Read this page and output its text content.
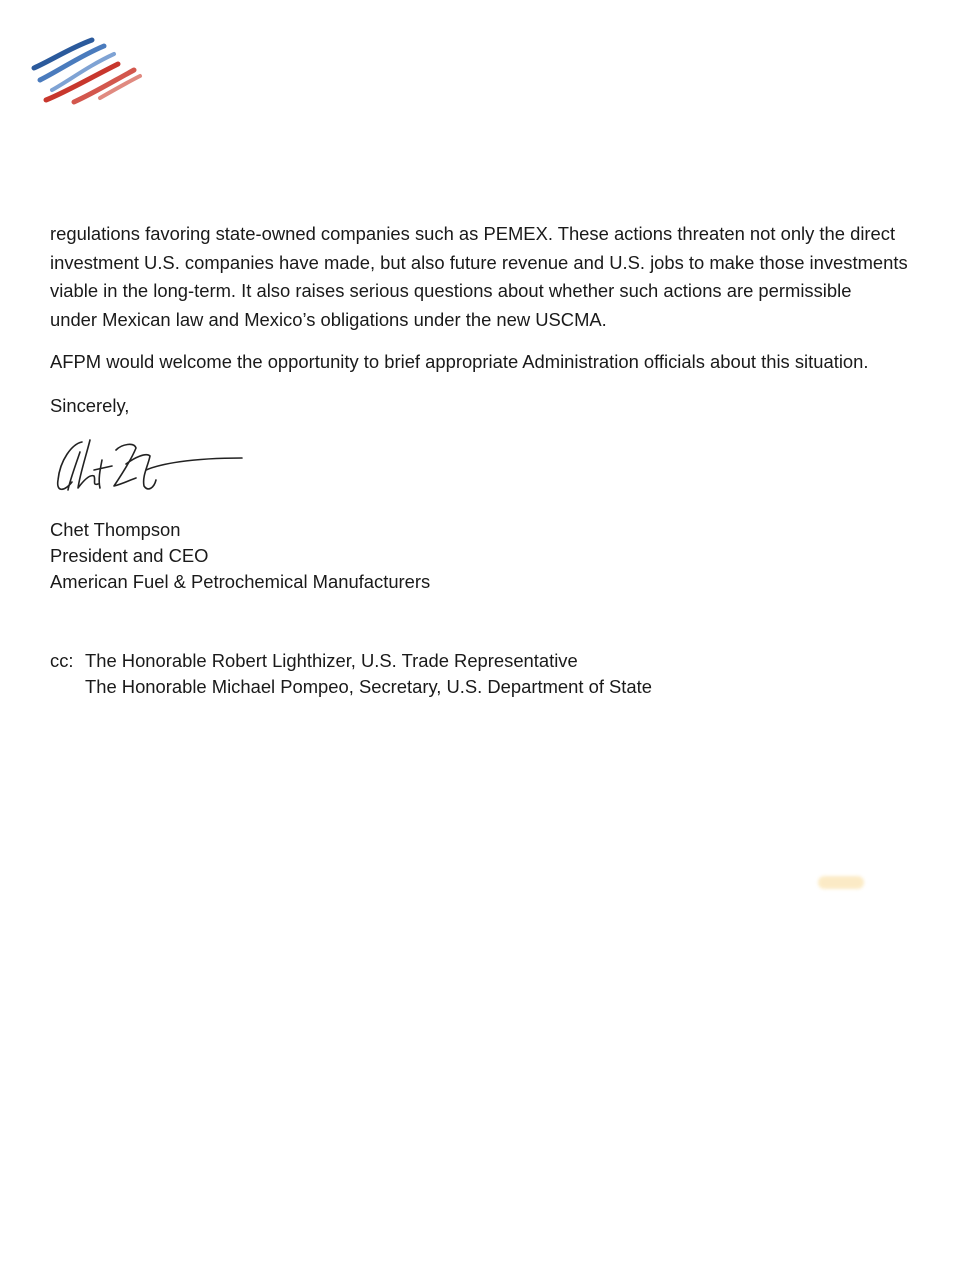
regulations favoring state-owned companies such as PEMEX. These actions threaten not only the direct
investment U.S. companies have made, but also future revenue and U.S. jobs to make those investments
viable in the long-term. It also raises serious questions about whether such actions are permissible
under Mexican law and Mexico’s obligations under the new USCMA.

AFPM would welcome the opportunity to brief appropriate Administration officials about this situation.

Sincerely,

Chet Thompson
President and CEO
American Fuel & Petrochemical Manufacturers
cc: The Honorable Robert Lighthizer, U.S. Trade Representative
The Honorable Michael Pompeo, Secretary, U.S. Department of State
